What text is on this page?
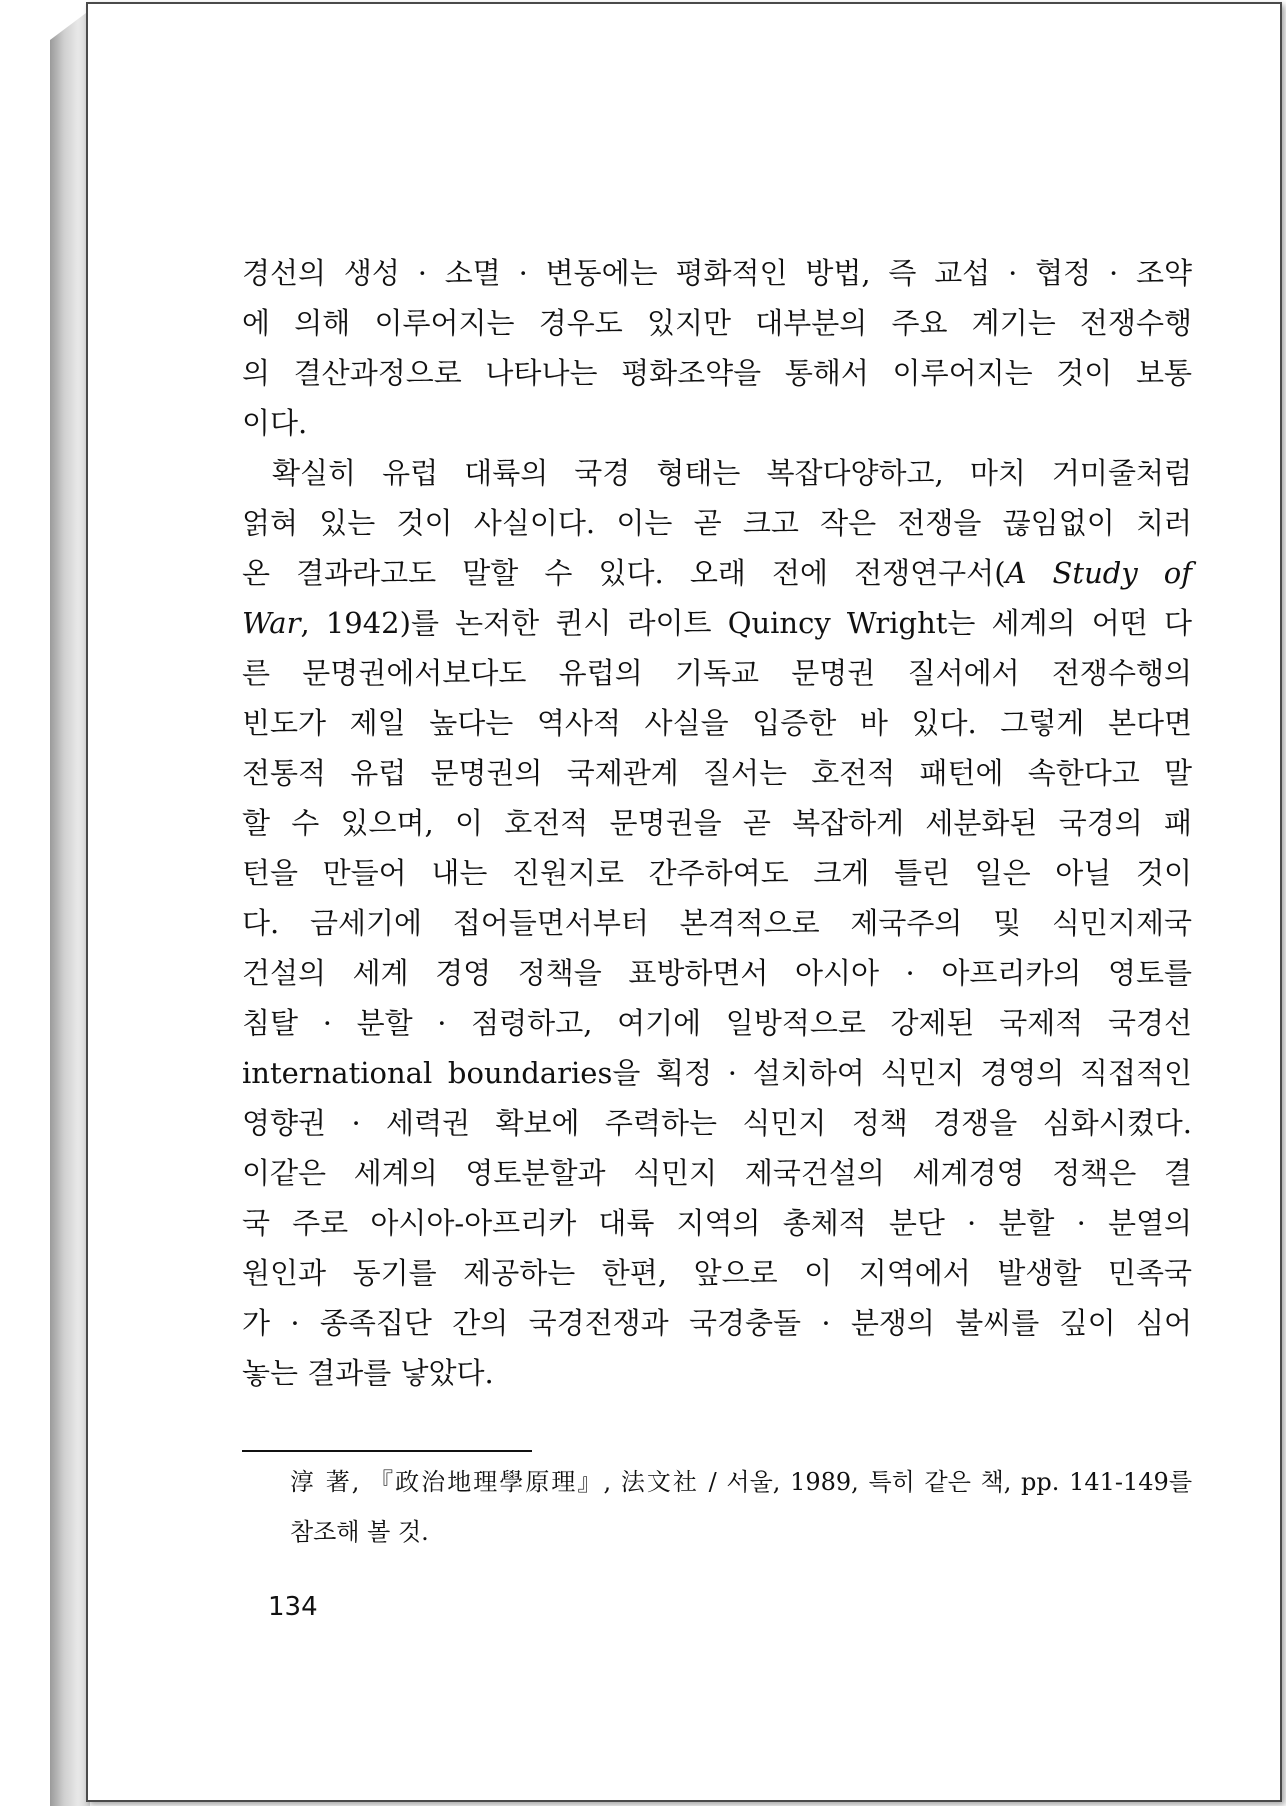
경선의 생성 · 소멸 · 변동에는 평화적인 방법, 즉 교섭 · 협정 · 조약
에 의해 이루어지는 경우도 있지만 대부분의 주요 계기는 전쟁수행
의 결산과정으로 나타나는 평화조약을 통해서 이루어지는 것이 보통
이다.
확실히 유럽 대륙의 국경 형태는 복잡다양하고, 마치 거미줄처럼
얽혀 있는 것이 사실이다. 이는 곧 크고 작은 전쟁을 끊임없이 치러
온 결과라고도 말할 수 있다. 오래 전에 전쟁연구서(A Study of
War, 1942)를 논저한 퀸시 라이트 Quincy Wright는 세계의 어떤 다
른 문명권에서보다도 유럽의 기독교 문명권 질서에서 전쟁수행의
빈도가 제일 높다는 역사적 사실을 입증한 바 있다. 그렇게 본다면
전통적 유럽 문명권의 국제관계 질서는 호전적 패턴에 속한다고 말
할 수 있으며, 이 호전적 문명권을 곧 복잡하게 세분화된 국경의 패
턴을 만들어 내는 진원지로 간주하여도 크게 틀린 일은 아닐 것이
다. 금세기에 접어들면서부터 본격적으로 제국주의 및 식민지제국
건설의 세계 경영 정책을 표방하면서 아시아 · 아프리카의 영토를
침탈 · 분할 · 점령하고, 여기에 일방적으로 강제된 국제적 국경선
international boundaries을 획정 · 설치하여 식민지 경영의 직접적인
영향권 · 세력권 확보에 주력하는 식민지 정책 경쟁을 심화시켰다.
이같은 세계의 영토분할과 식민지 제국건설의 세계경영 정책은 결
국 주로 아시아-아프리카 대륙 지역의 총체적 분단 · 분할 · 분열의
원인과 동기를 제공하는 한편, 앞으로 이 지역에서 발생할 민족국
가 · 종족집단 간의 국경전쟁과 국경충돌 · 분쟁의 불씨를 깊이 심어
놓는 결과를 낳았다.
淳 著, 『政治地理學原理』, 法文社 / 서울, 1989, 특히 같은 책, pp. 141-149를
참조해 볼 것.
134
